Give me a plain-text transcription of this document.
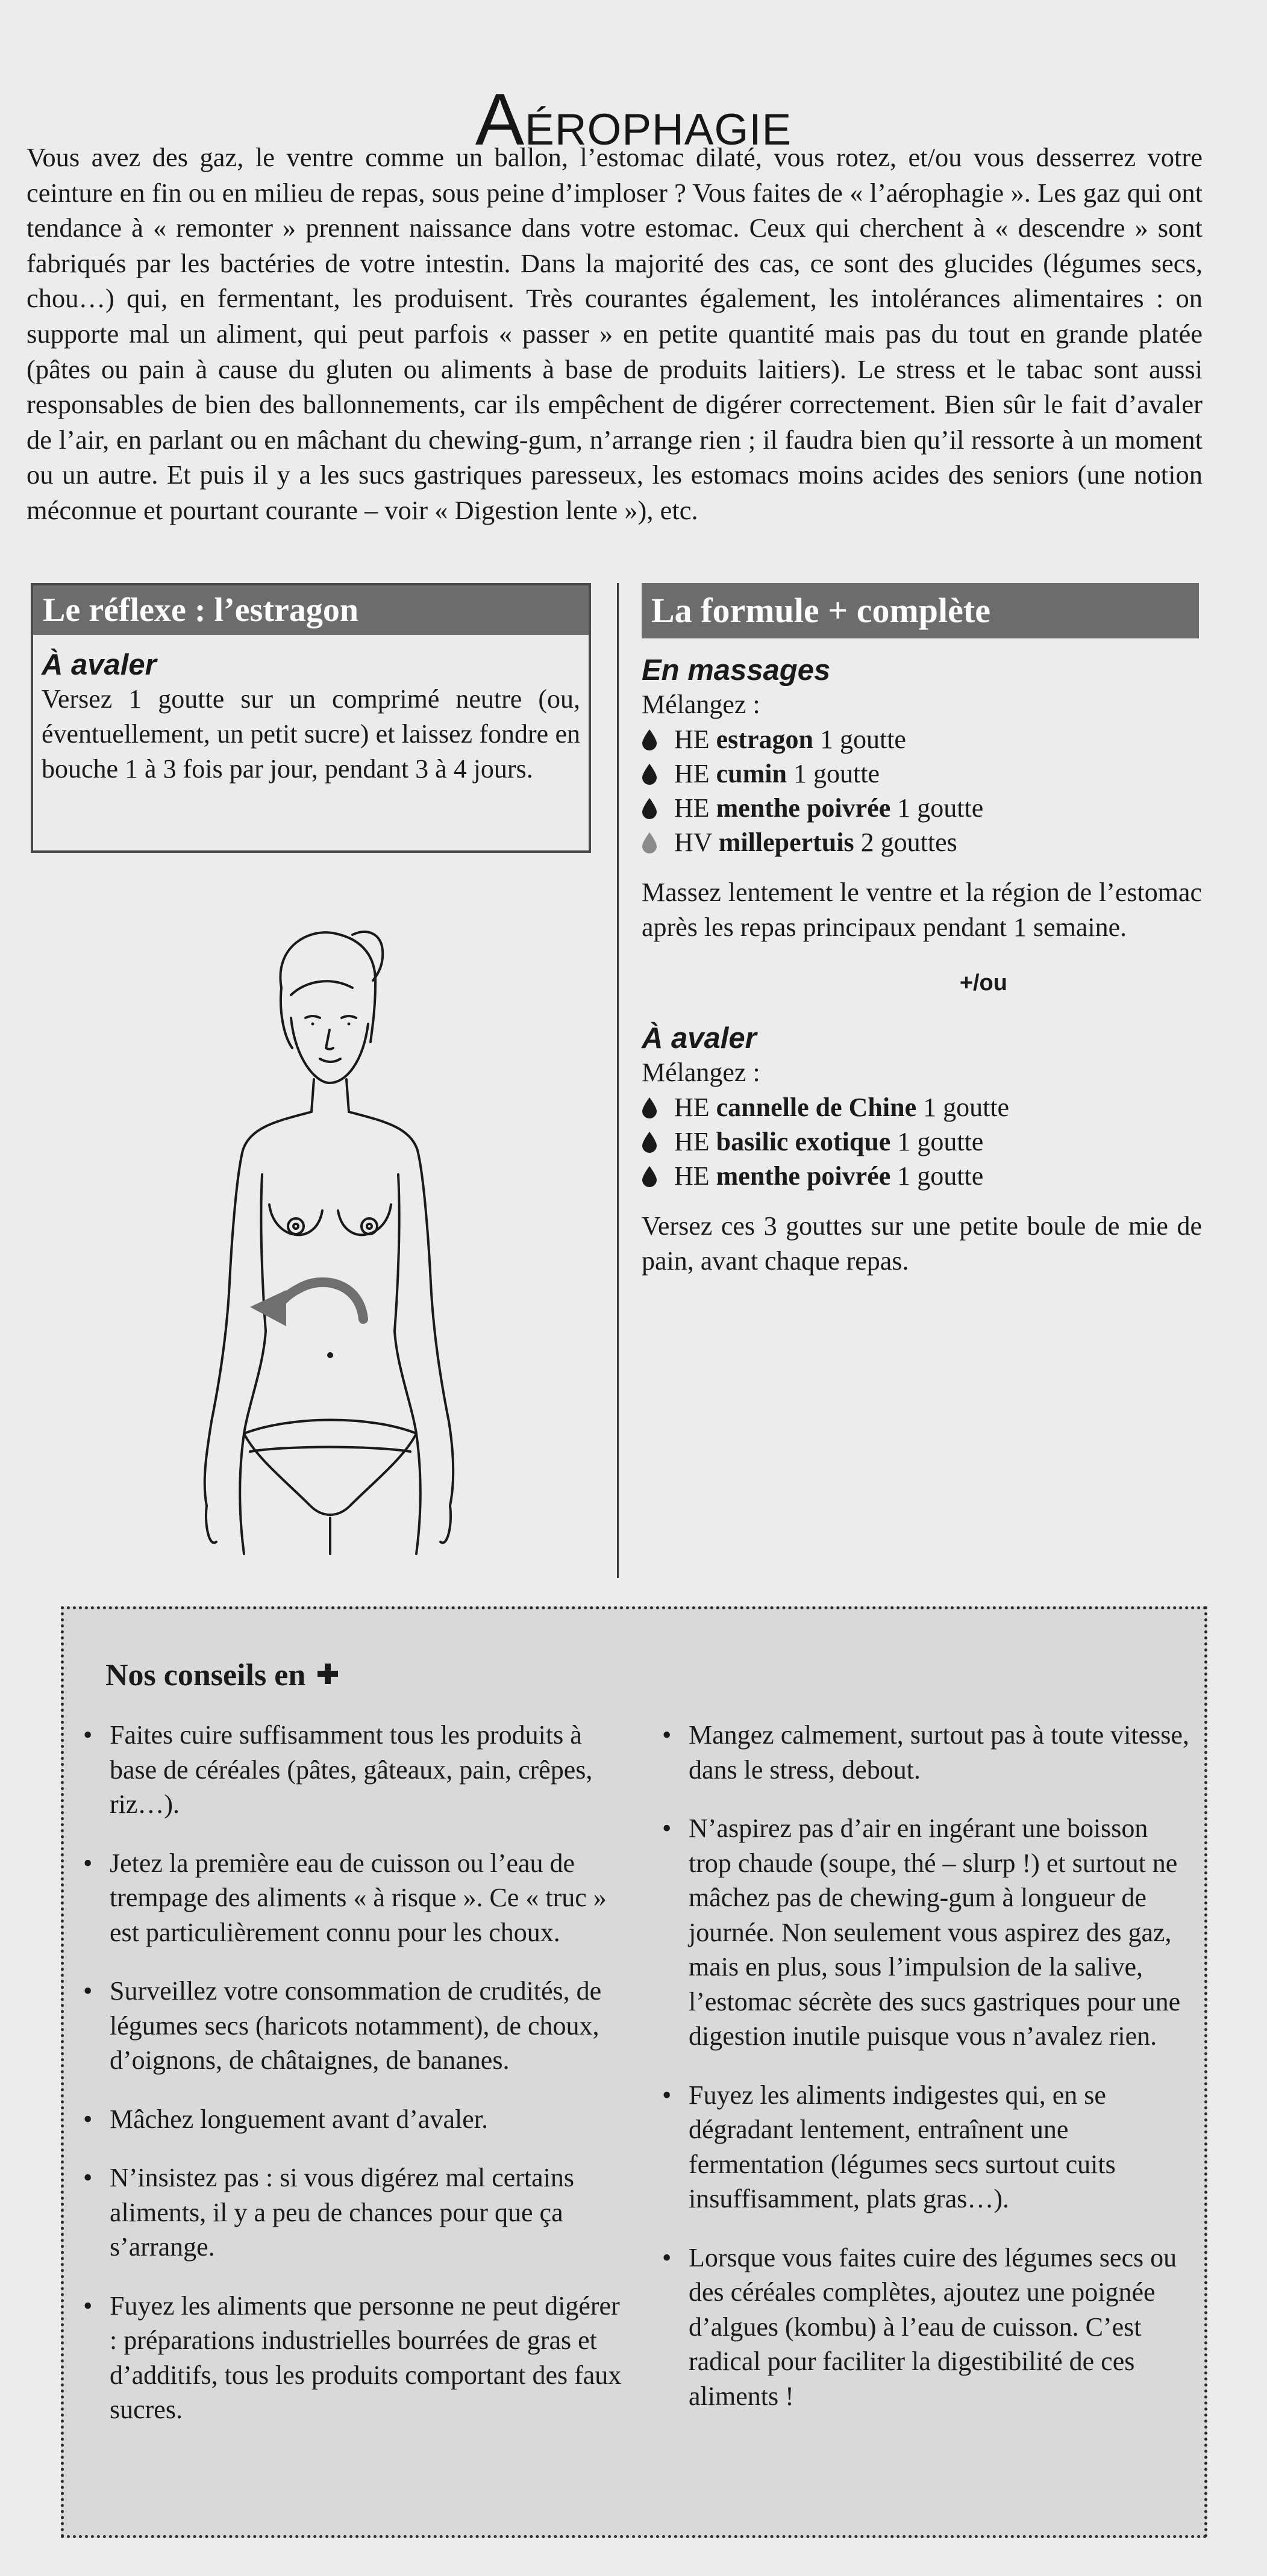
Aérophagie

Vous avez des gaz, le ventre comme un ballon, l’estomac dilaté, vous rotez, et/ou vous desserrez votre ceinture en fin ou en milieu de repas, sous peine d’imploser ? Vous faites de « l’aérophagie ». Les gaz qui ont tendance à « remonter » prennent naissance dans votre estomac. Ceux qui cherchent à « descendre » sont fabriqués par les bactéries de votre intestin. Dans la majorité des cas, ce sont des glucides (légumes secs, chou…) qui, en fermentant, les produisent. Très courantes également, les intolérances alimentaires : on supporte mal un aliment, qui peut parfois « passer » en petite quantité mais pas du tout en grande platée (pâtes ou pain à cause du gluten ou aliments à base de produits laitiers). Le stress et le tabac sont aussi responsables de bien des ballonnements, car ils empêchent de digérer correctement. Bien sûr le fait d’avaler de l’air, en parlant ou en mâchant du chewing-gum, n’arrange rien ; il faudra bien qu’il ressorte à un moment ou un autre. Et puis il y a les sucs gastriques paresseux, les estomacs moins acides des seniors (une notion méconnue et pourtant courante – voir « Digestion lente »), etc.

Le réflexe : l’estragon

À avaler

Versez 1 goutte sur un comprimé neutre (ou, éventuellement, un petit sucre) et laissez fondre en bouche 1 à 3 fois par jour, pendant 3 à 4 jours.

La formule + complète

En massages

Mélangez :

HE estragon 1 goutte
HE cumin 1 goutte
HE menthe poivrée 1 goutte
HV millepertuis 2 gouttes

Massez lentement le ventre et la région de l’estomac après les repas principaux pendant 1 semaine.

+/ou

À avaler

Mélangez :

HE cannelle de Chine 1 goutte
HE basilic exotique 1 goutte
HE menthe poivrée 1 goutte

Versez ces 3 gouttes sur une petite boule de mie de pain, avant chaque repas.

Nos conseils en
• Faites cuire suffisamment tous les produits à base de céréales (pâtes, gâteaux, pain, crêpes, riz…).
• Jetez la première eau de cuisson ou l’eau de trempage des aliments « à risque ». Ce « truc » est particulièrement connu pour les choux.
• Surveillez votre consommation de crudités, de légumes secs (haricots notamment), de choux, d’oignons, de châtaignes, de bananes.
• Mâchez longuement avant d’avaler.
• N’insistez pas : si vous digérez mal certains aliments, il y a peu de chances pour que ça s’arrange.
• Fuyez les aliments que personne ne peut digérer : préparations industrielles bourrées de gras et d’additifs, tous les produits comportant des faux sucres.
• Mangez calmement, surtout pas à toute vitesse, dans le stress, debout.
• N’aspirez pas d’air en ingérant une boisson trop chaude (soupe, thé – slurp !) et surtout ne mâchez pas de chewing-gum à longueur de journée. Non seulement vous aspirez des gaz, mais en plus, sous l’impulsion de la salive, l’estomac sécrète des sucs gastriques pour une digestion inutile puisque vous n’avalez rien.
• Fuyez les aliments indigestes qui, en se dégradant lentement, entraînent une fermentation (légumes secs surtout cuits insuffisamment, plats gras…).
• Lorsque vous faites cuire des légumes secs ou des céréales complètes, ajoutez une poignée d’algues (kombu) à l’eau de cuisson. C’est radical pour faciliter la digestibilité de ces aliments !
